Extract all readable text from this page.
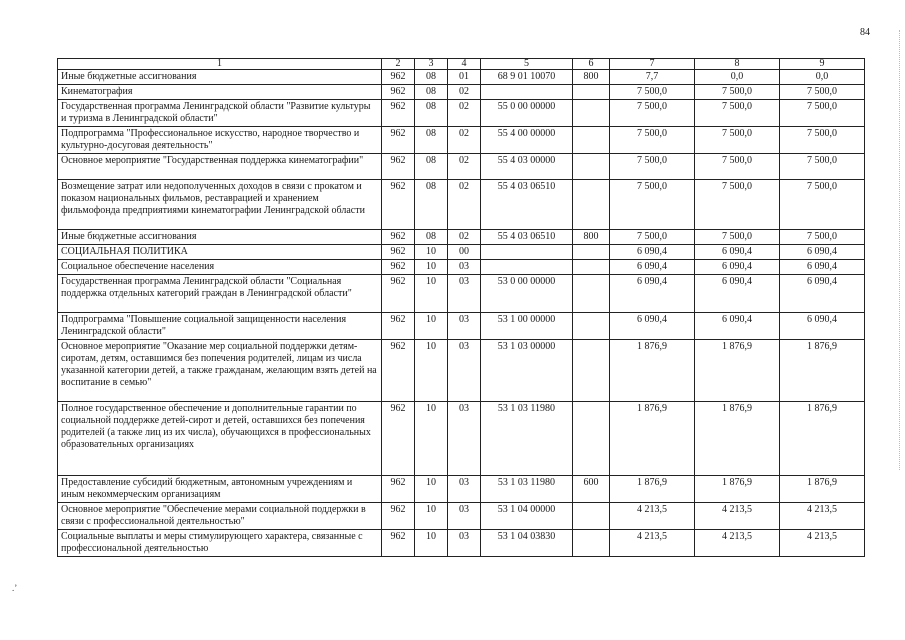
84
.’
1	2	3	4	5	6	7	8	9
Иные бюджетные ассигнования	962	08	01	68 9 01 10070	800	7,7	0,0	0,0
Кинематография	962	08	02			7 500,0	7 500,0	7 500,0
Государственная программа Ленинградской области "Развитие культуры и туризма в Ленинградской области"	962	08	02	55 0 00 00000		7 500,0	7 500,0	7 500,0
Подпрограмма "Профессиональное искусство, народное творчество и культурно-досуговая деятельность"	962	08	02	55 4 00 00000		7 500,0	7 500,0	7 500,0
Основное мероприятие "Государственная поддержка кинематографии"	962	08	02	55 4 03 00000		7 500,0	7 500,0	7 500,0
Возмещение затрат или недополученных доходов в связи с прокатом и показом национальных фильмов, реставрацией и хранением фильмофонда предприятиями кинематографии Ленинградской области	962	08	02	55 4 03 06510		7 500,0	7 500,0	7 500,0
Иные бюджетные ассигнования	962	08	02	55 4 03 06510	800	7 500,0	7 500,0	7 500,0
СОЦИАЛЬНАЯ ПОЛИТИКА	962	10	00			6 090,4	6 090,4	6 090,4
Социальное обеспечение населения	962	10	03			6 090,4	6 090,4	6 090,4
Государственная программа Ленинградской области "Социальная поддержка отдельных категорий граждан в Ленинградской области"	962	10	03	53 0 00 00000		6 090,4	6 090,4	6 090,4
Подпрограмма "Повышение социальной защищенности населения Ленинградской области"	962	10	03	53 1 00 00000		6 090,4	6 090,4	6 090,4
Основное мероприятие "Оказание мер социальной поддержки детям-сиротам, детям, оставшимся без попечения родителей, лицам из числа указанной категории детей, а также гражданам, желающим взять детей на воспитание в семью"	962	10	03	53 1 03 00000		1 876,9	1 876,9	1 876,9
Полное государственное обеспечение и дополнительные гарантии по социальной поддержке детей-сирот и детей, оставшихся без попечения родителей (а также лиц из их числа), обучающихся в профессиональных образовательных организациях	962	10	03	53 1 03 11980		1 876,9	1 876,9	1 876,9
Предоставление субсидий бюджетным, автономным учреждениям и иным некоммерческим организациям	962	10	03	53 1 03 11980	600	1 876,9	1 876,9	1 876,9
Основное мероприятие "Обеспечение мерами социальной поддержки в связи с профессиональной деятельностью"	962	10	03	53 1 04 00000		4 213,5	4 213,5	4 213,5
Социальные выплаты и меры стимулирующего характера, связанные с профессиональной деятельностью	962	10	03	53 1 04 03830		4 213,5	4 213,5	4 213,5
